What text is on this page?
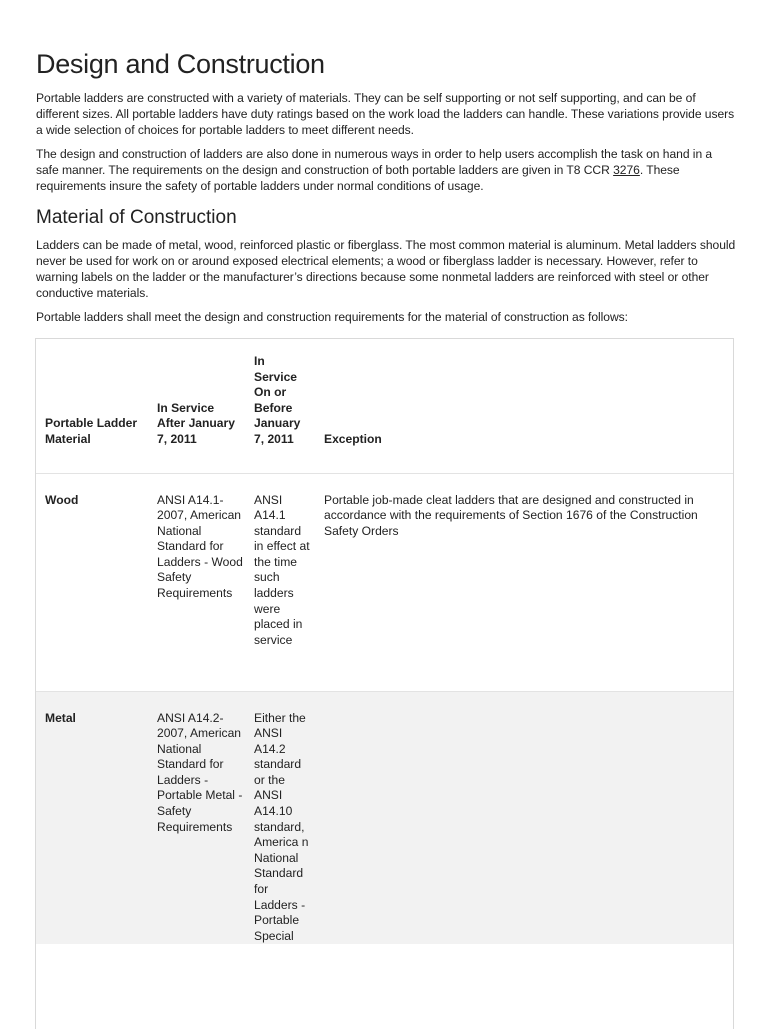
Design and Construction

Portable ladders are constructed with a variety of materials. They can be self supporting or not self supporting, and can be of different sizes. All portable ladders have duty ratings based on the work load the ladders can handle. These variations provide users a wide selection of choices for portable ladders to meet different needs.

The design and construction of ladders are also done in numerous ways in order to help users accomplish the task on hand in a safe manner. The requirements on the design and construction of both portable ladders are given in T8 CCR 3276. These requirements insure the safety of portable ladders under normal conditions of usage.

Material of Construction

Ladders can be made of metal, wood, reinforced plastic or fiberglass. The most common material is aluminum. Metal ladders should never be used for work on or around exposed electrical elements; a wood or fiberglass ladder is necessary. However, refer to warning labels on the ladder or the manufacturer’s directions because some nonmetal ladders are reinforced with steel or other conductive materials.

Portable ladders shall meet the design and construction requirements for the material of construction as follows:

Portable Ladder Material	In Service After January 7, 2011	In Service On or Before January 7, 2011	Exception
Wood	ANSI A14.1-2007, American National Standard for Ladders - Wood Safety Requirements	ANSI A14.1 standard in effect at the time such ladders were placed in service	Portable job-made cleat ladders that are designed and constructed in accordance with the requirements of Section 1676 of the Construction Safety Orders
Metal	ANSI A14.2-2007, American National Standard for Ladders - Portable Metal - Safety Requirements	Either the ANSI A14.2 standard or the ANSI A14.10 standard, America n National Standard for Ladders - Portable Special	
